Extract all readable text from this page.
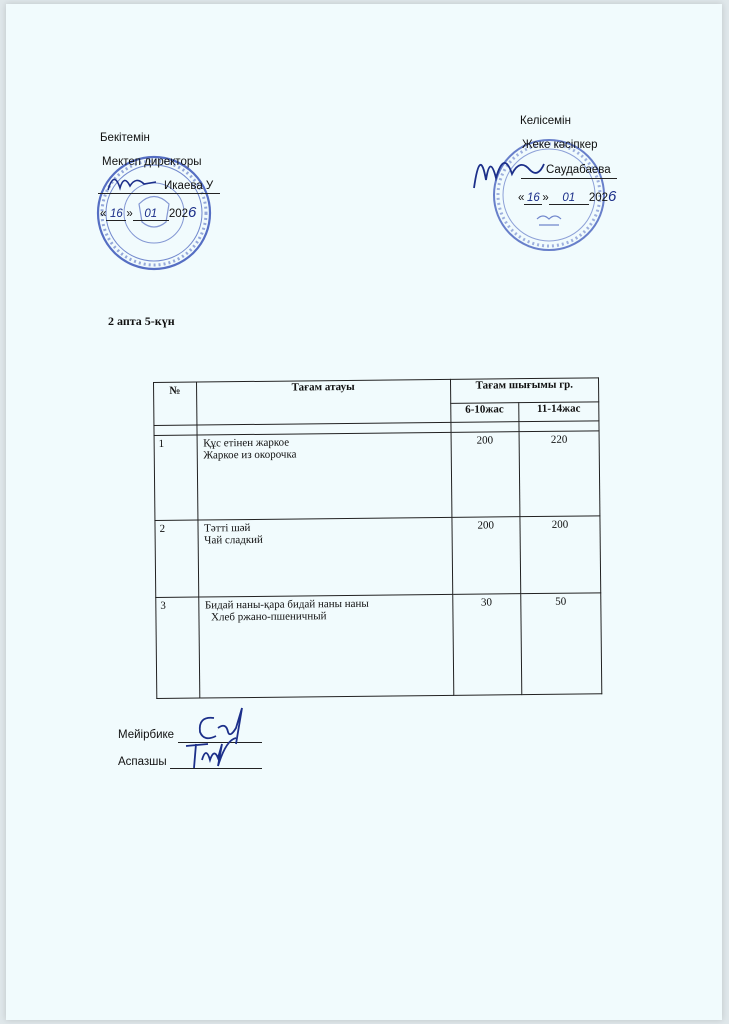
Бекітемін
Мектеп директоры
Икаева У
« 16 » 01 2026
Келісемін
Жеке кәсіпкер
Саудабаева
« 16 » 01 2026
2 апта 5-күн
№	Тағам атауы	Тағам шығымы гр.	
		6-10жас	11-14жас

1	Құс етінен жаркое
Жаркое из окорочка	200	220
2	Тәтті шәй
Чай сладкий	200	200
3	Бидай наны-қара бидай наны наны
Хлеб ржано-пшеничный	30	50
Мейірбике
Аспазшы
